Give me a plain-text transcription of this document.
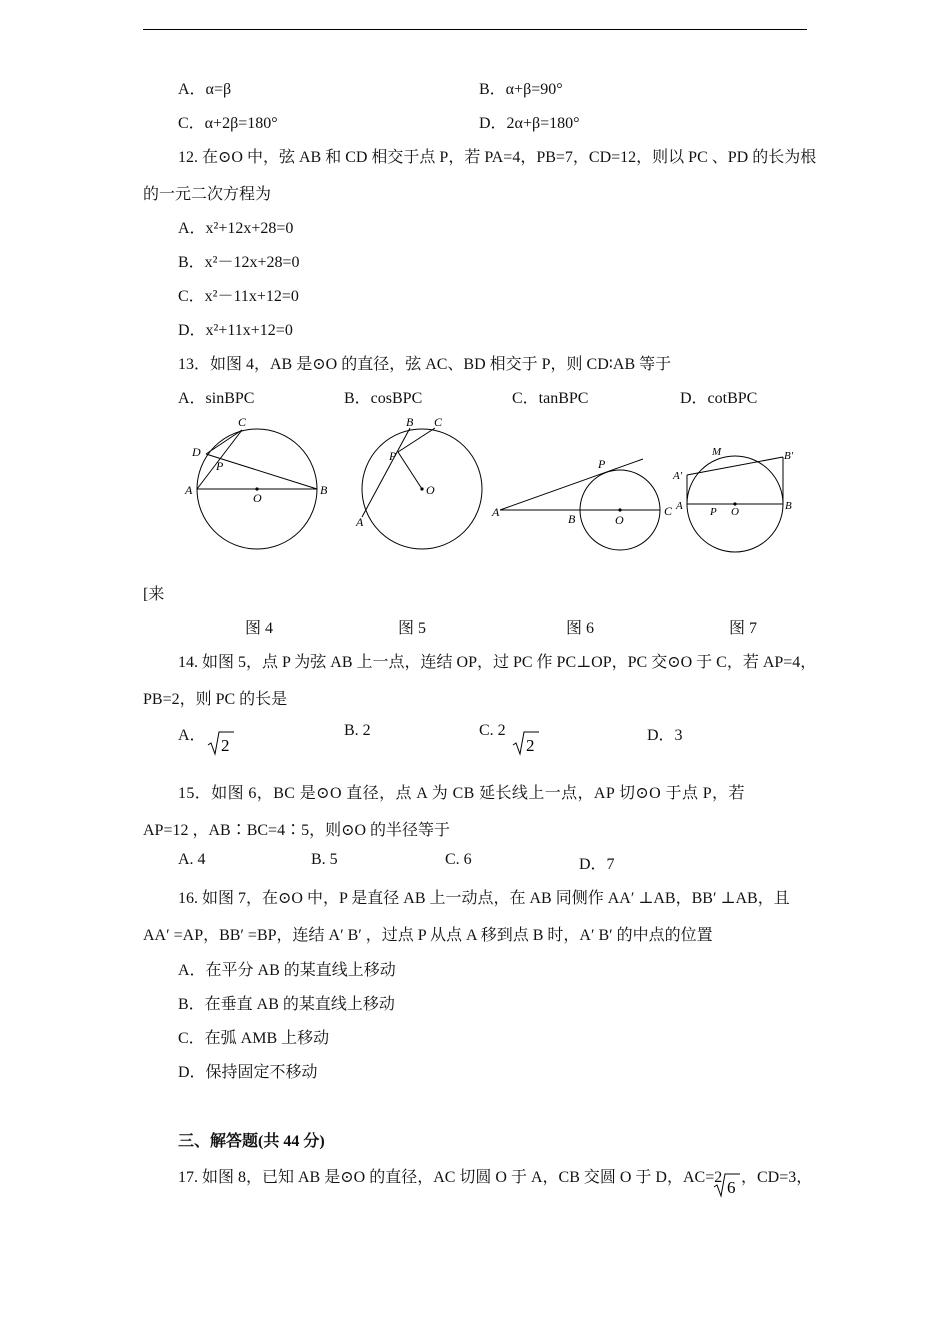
A．α=β	B．α+β=90°
C．α+2β=180°	D．2α+β=180°
12. 在⊙O 中，弦 AB 和 CD 相交于点 P，若 PA=4，PB=7，CD=12，则以 PC 、PD 的长为根
的一元二次方程为
A．x²+12x+28=0
B．x²－12x+28=0
C．x²－11x+12=0
D．x²+11x+12=0
13．如图 4，AB 是⊙O 的直径，弦 AC、BD 相交于 P，则 CD∶AB 等于
A．sinBPC	B．cosBPC	C．tanBPC	D．cotBPC
C
D
P
A
O
B
B C
P
O
A
P
A	B	O
C
M	B′
A′
A P O	B
[来
图 4	图 5	图 6	图 7
14. 如图 5，点 P 为弦 AB 上一点，连结 OP，过 PC 作 PC⊥OP，PC 交⊙O 于 C，若 AP=4，
PB=2，则 PC 的长是
A．
2
B. 2	C. 2
2
D．3
15．如图 6，BC 是⊙O 直径，点 A 为 CB 延长线上一点，AP 切⊙O 于点 P，若
AP=12 ，AB∶BC=4∶5，则⊙O 的半径等于
A. 4	B. 5	C. 6	D．7
16. 如图 7，在⊙O 中，P 是直径 AB 上一动点，在 AB 同侧作 AA′ ⊥AB，BB′ ⊥AB，且
AA′ =AP，BB′ =BP，连结 A′ B′ ，过点 P 从点 A 移到点 B 时，A′ B′ 的中点的位置
A．在平分 AB 的某直线上移动
B．在垂直 AB 的某直线上移动
C．在弧 AMB 上移动
D．保持固定不移动
三、解答题(共 44 分)
17. 如图 8，已知 AB 是⊙O 的直径，AC 切圆 O 于 A，CB 交圆 O 于 D，AC=2
6
，CD=3，
